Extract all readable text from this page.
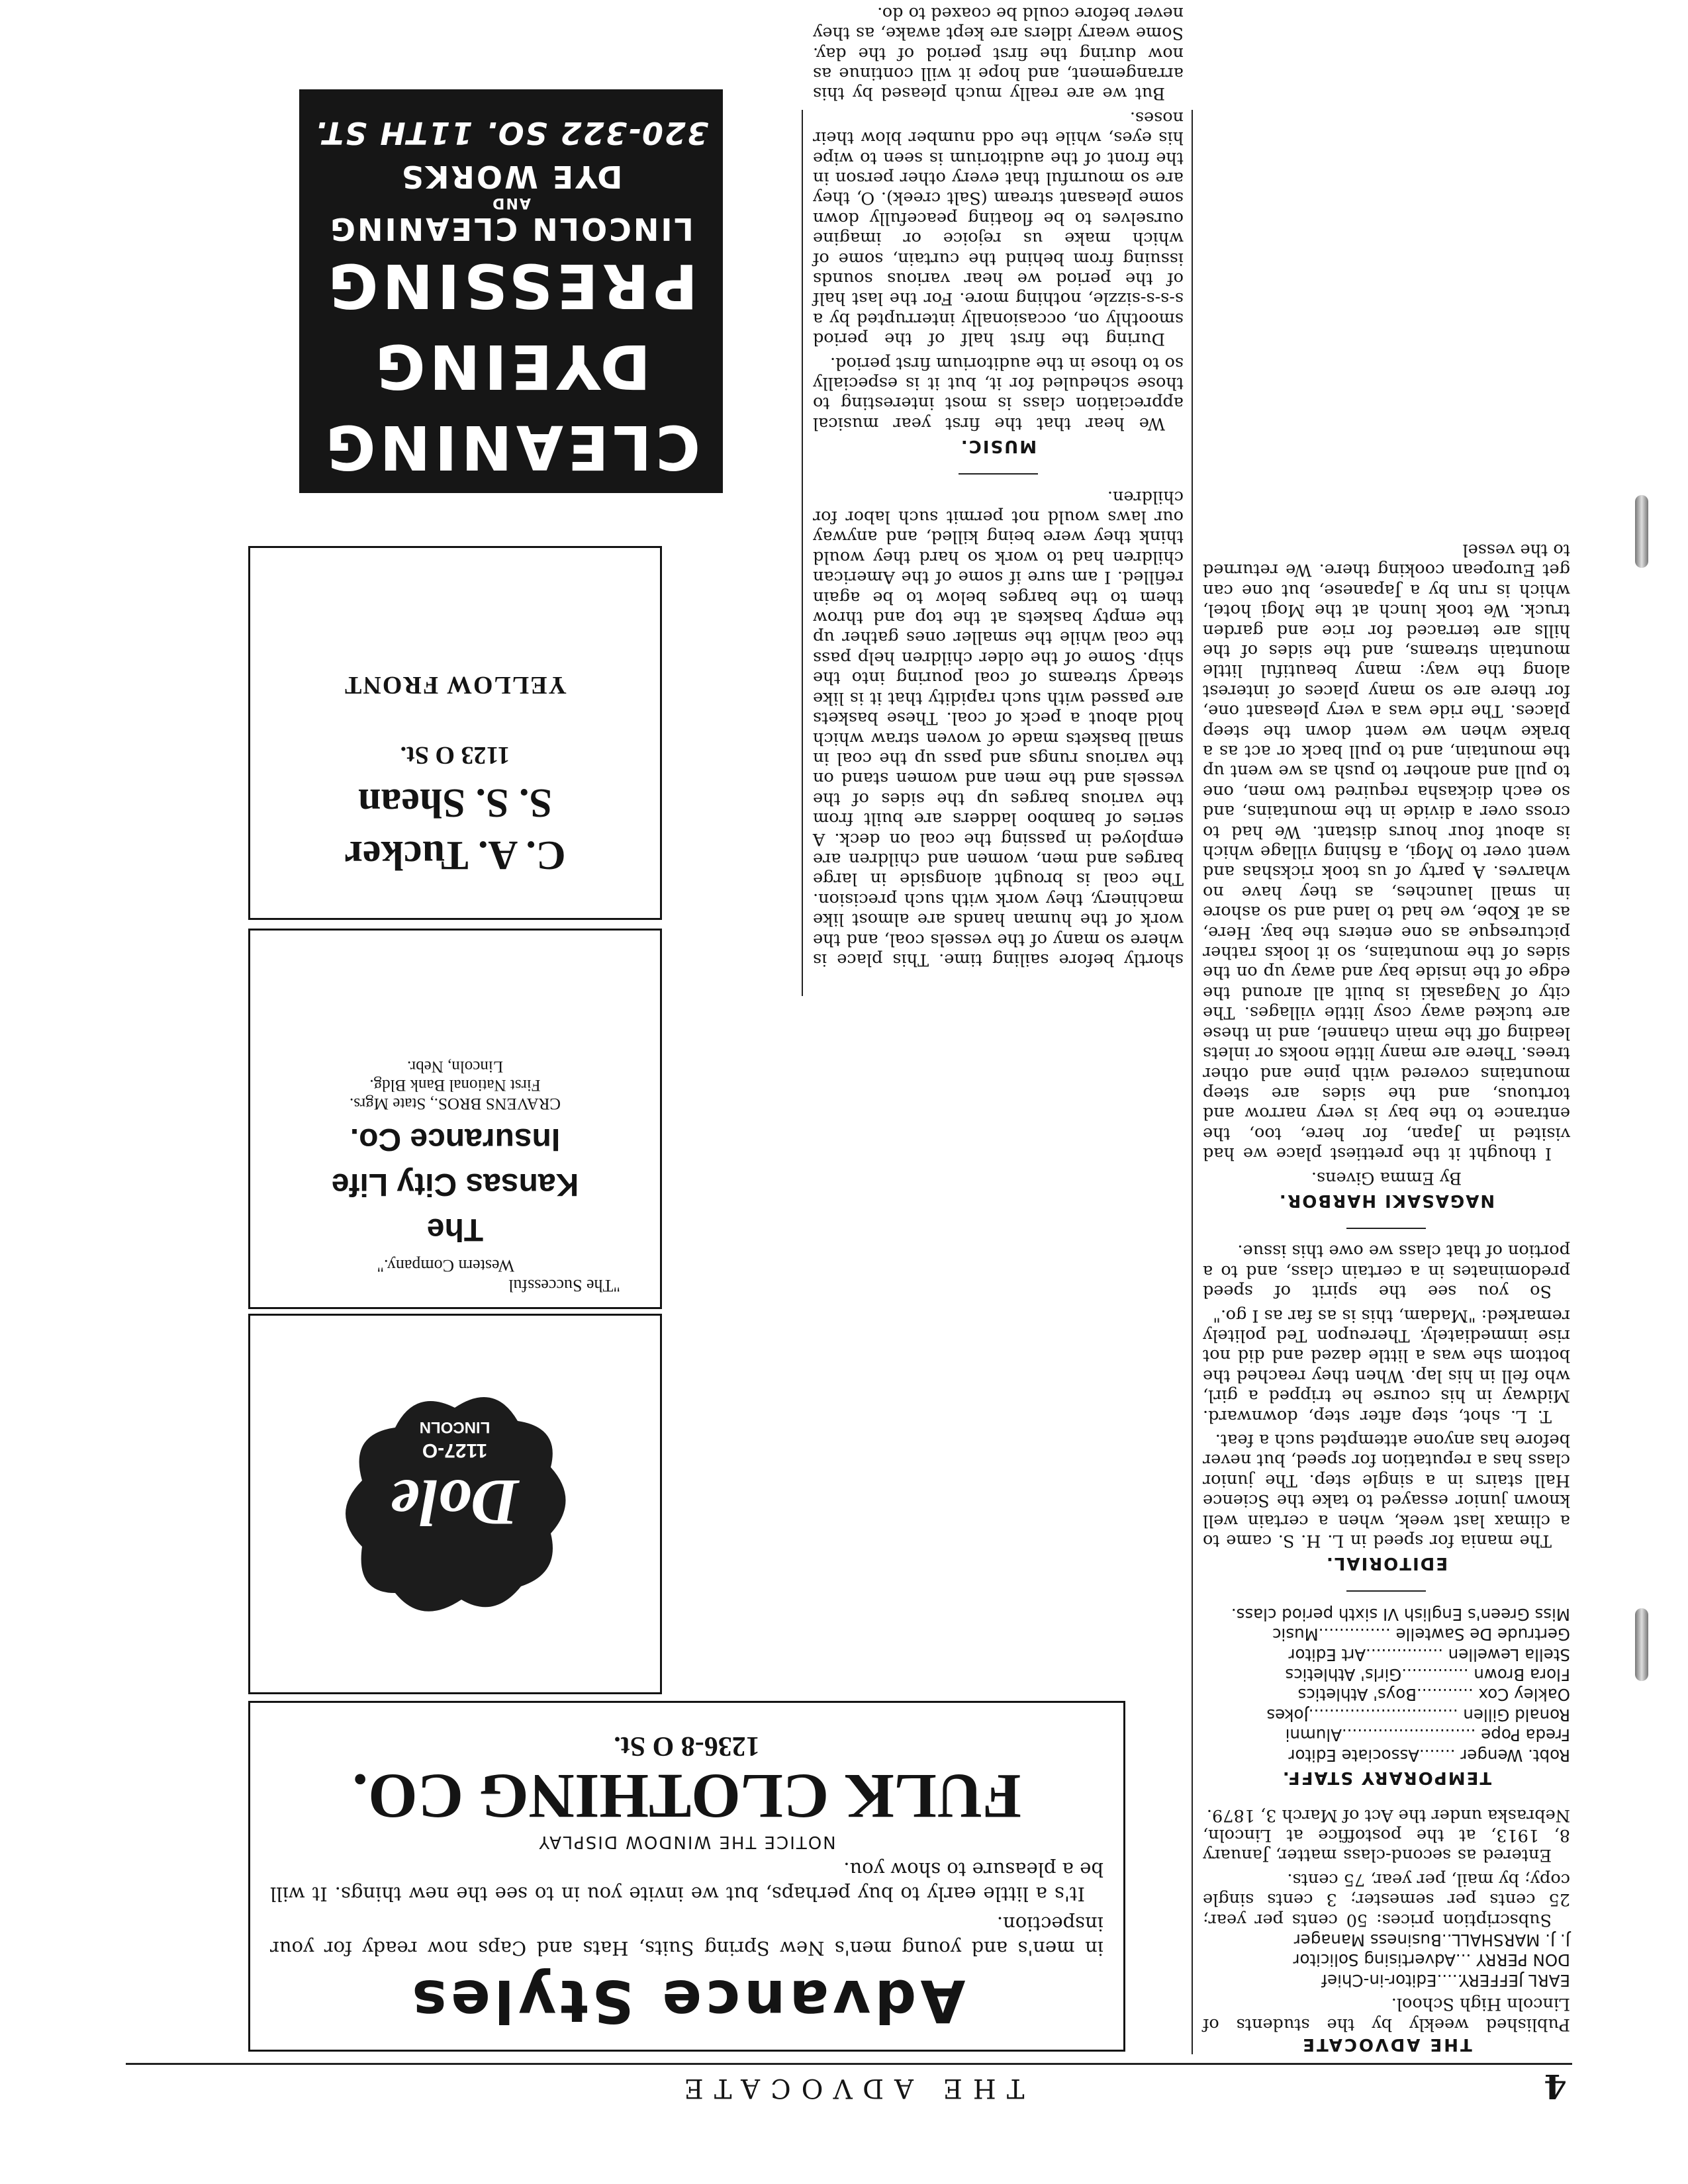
4
THE ADVOCATE
THE ADVOCATE

Published weekly by the students of Lincoln High School.

EARL JEFFERY.....Editor-in-Chief
DON PERRY ...Advertising Solicitor
J. J. MARSHALL..Business Manager

Subscription prices: 50 cents per year; 25 cents per semester; 3 cents single copy; by mail, per year, 75 cents.

Entered as second-class matter, January 8, 1913, at the postoffice at Lincoln, Nebraska under the Act of March 3, 1879.

TEMPORARY STAFF.
Robt. Wenger .......Associate Editor
Freda Pope ..........................Alumni
Ronald Gillen .............................Jokes
Oakley Cox ...........Boys' Athletics
Flora Brown .............Girls' Athletics
Stella Lewellen ...............Art Editor
Gertrude De Sawtelle ..............Music
Miss Green's English VI sixth period class.
EDITORIAL.

The mania for speed in L. H. S. came to a climax last week, when a certain well known junior essayed to take the Science Hall stairs in a single step. The junior class has a reputation for speed, but never before has anyone attempted such a feat.

T. L. shot, step after step, downward. Midway in his course he tripped a girl, who fell in his lap. When they reached the bottom she was a little dazed and did not rise immediately. Thereupon Ted politely remarked: "Madam, this is as far as I go."

So you see the spirit of speed predominates in a certain class, and to a portion of that class we owe this issue.

NAGASAKI HARBOR.

By Emma Givens.

I thought it the prettiest place we had visited in Japan, for here, too, the entrance to the bay is very narrow and tortuous, and the sides are steep mountains covered with pine and other trees. There are many little nooks or inlets leading off the main channel, and in these are tucked away cosy little villages. The city of Nagasaki is built all around the edge of the inside bay and away up on the sides of the mountains, so it looks rather picturesque as one enters the bay. Here, as at Kobe, we had to land and so ashore in small launches, as they have no wharves. A party of us took rickshas and went over to Mogi, a fishing village which is about four hours distant. We had to cross over a divide in the mountains, and so each dickasha required two men, one to pull and another to push as we went up the mountain, and to pull back or act as a brake when we went down the steep places. The ride was a very pleasant one, for there are so many places of interest along the way: many beautiful little mountain streams, and the sides of the hills are terraced for rice and garden truck. We took lunch at the Mogi hotel, which is run by a Japanese, but one can get European cooking there. We returned to the vessel

shortly before sailing time. This place is where so many of the vessels coal, and the work of the human hands are almost like machinery, they work with such precision. The coal is brought alongside in large barges and men, women and children are employed in passing the coal on deck. A series of bamboo ladders are built from the various barges up the sides of the vessels and the men and women stand on the various rungs and pass up the coal in small baskets made of woven straw which hold about a peck of coal. These baskets are passed with such rapidity that it is like steady streams of coal pouring into the ship. Some of the older children help pass the coal while the smaller ones gather up the empty baskets at the top and throw them to the barges below to be again refilled. I am sure if some of the American children had to work so hard they would think they were being killed, and anyway our laws would not permit such labor for children.

MUSIC.

We hear that the first year musical appreciation class is most interesting to those scheduled for it, but it is especially so to those in the auditorium first period.

During the first half of the period smoothly on, occasionally interrupted by a s-s-s-sizzle, nothing more. For the last half of the period we hear various sounds issuing from behind the curtain, some of which make us rejoice or imagine ourselves to be floating peacefully down some pleasant stream (Salt creek). O, they are so mournful that every other person in the front of the auditorium is seen to wipe his eyes, while the odd number blow their noses.

But we are really much pleased by this arrangement, and hope it will continue as now during the first period of the day. Some weary idlers are kept awake, as they never before could be coaxed to do.

Advance Styles
in men's and young men's New Spring Suits, Hats and Caps now ready for your inspection.
It's a little early to buy perhaps, but we invite you in to see the new things. It will be a pleasure to show you.
NOTICE THE WINDOW DISPLAY
FULK CLOTHING CO.
1236-8 O St.
Dole
1127-O
LINCOLN
"The Successful
Western Company."
The
Kansas City Life
Insurance Co.
CRAVENS BROS., State Mgrs.
First National Bank Bldg.
Lincoln, Nebr.
C. A. Tucker
S. S. Shean
1123 O St.
YELLOW FRONT
CLEANING
DYEING
PRESSING
LINCOLN CLEANING
AND
DYE WORKS
320-322 SO. 11TH ST.
